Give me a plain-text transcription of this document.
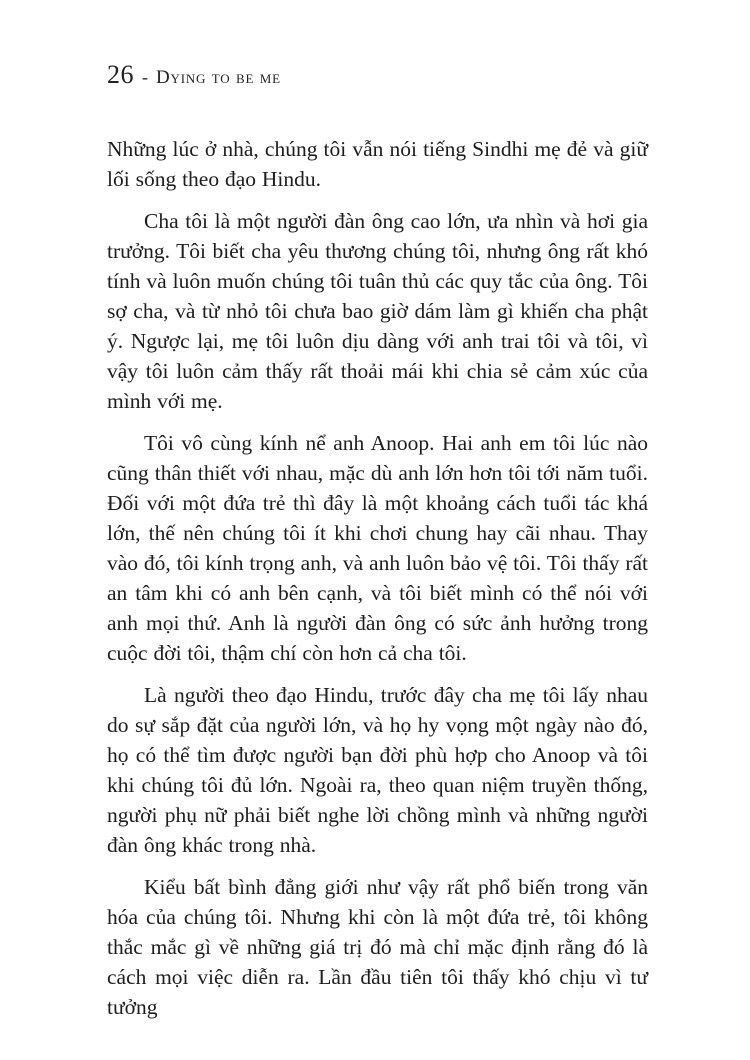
26 - Dying to be me

Những lúc ở nhà, chúng tôi vẫn nói tiếng Sindhi mẹ đẻ và giữ lối sống theo đạo Hindu.

Cha tôi là một người đàn ông cao lớn, ưa nhìn và hơi gia trưởng. Tôi biết cha yêu thương chúng tôi, nhưng ông rất khó tính và luôn muốn chúng tôi tuân thủ các quy tắc của ông. Tôi sợ cha, và từ nhỏ tôi chưa bao giờ dám làm gì khiến cha phật ý. Ngược lại, mẹ tôi luôn dịu dàng với anh trai tôi và tôi, vì vậy tôi luôn cảm thấy rất thoải mái khi chia sẻ cảm xúc của mình với mẹ.

Tôi vô cùng kính nể anh Anoop. Hai anh em tôi lúc nào cũng thân thiết với nhau, mặc dù anh lớn hơn tôi tới năm tuổi. Đối với một đứa trẻ thì đây là một khoảng cách tuổi tác khá lớn, thế nên chúng tôi ít khi chơi chung hay cãi nhau. Thay vào đó, tôi kính trọng anh, và anh luôn bảo vệ tôi. Tôi thấy rất an tâm khi có anh bên cạnh, và tôi biết mình có thể nói với anh mọi thứ. Anh là người đàn ông có sức ảnh hưởng trong cuộc đời tôi, thậm chí còn hơn cả cha tôi.

Là người theo đạo Hindu, trước đây cha mẹ tôi lấy nhau do sự sắp đặt của người lớn, và họ hy vọng một ngày nào đó, họ có thể tìm được người bạn đời phù hợp cho Anoop và tôi khi chúng tôi đủ lớn. Ngoài ra, theo quan niệm truyền thống, người phụ nữ phải biết nghe lời chồng mình và những người đàn ông khác trong nhà.

Kiểu bất bình đẳng giới như vậy rất phổ biến trong văn hóa của chúng tôi. Nhưng khi còn là một đứa trẻ, tôi không thắc mắc gì về những giá trị đó mà chỉ mặc định rằng đó là cách mọi việc diễn ra. Lần đầu tiên tôi thấy khó chịu vì tư tưởng
